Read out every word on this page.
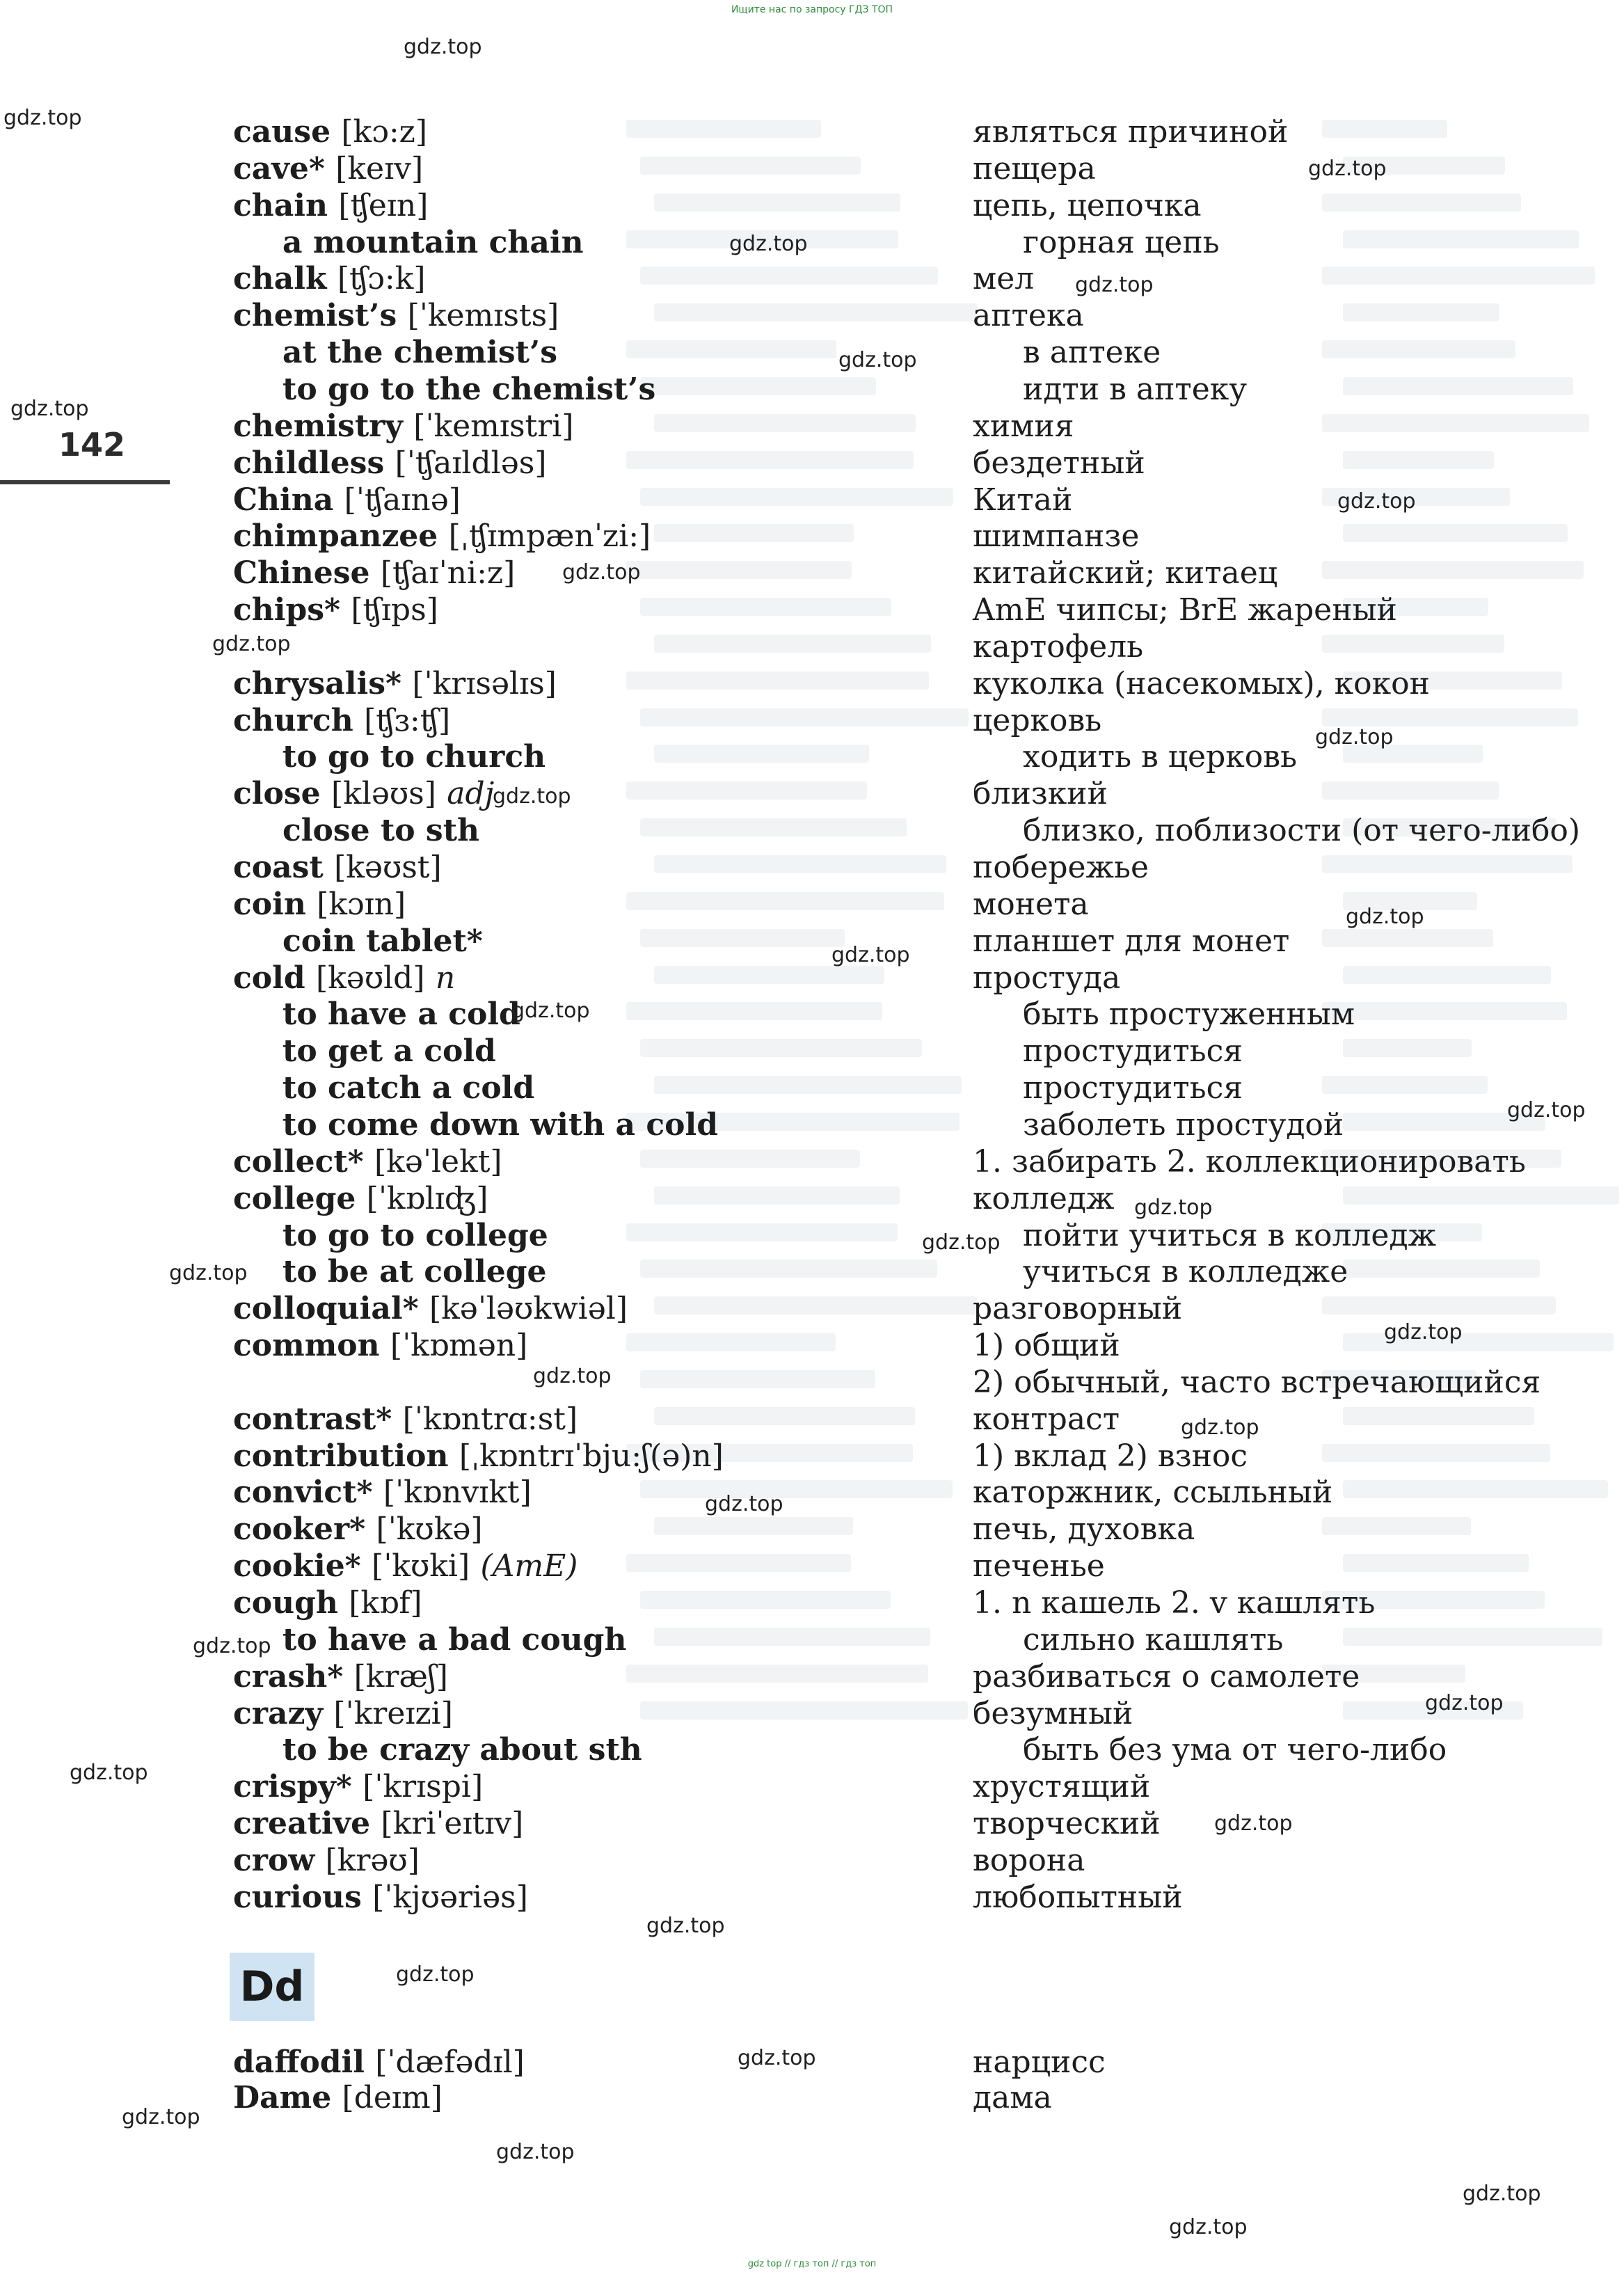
Ищите нас по запросу ГДЗ ТОП
142
cause [kɔ:z]	являться причиной
cave* [keɪv]	пещера
chain [ʧeɪn]	цепь, цепочка
a mountain chain	горная цепь
chalk [ʧɔ:k]	мел
chemist’s [ˈkemɪsts]	аптека
at the chemist’s	в аптеке
to go to the chemist’s	идти в аптеку
chemistry [ˈkemɪstri]	химия
childless [ˈʧaɪldləs]	бездетный
China [ˈʧaɪnə]	Китай
chimpanzee [ˌʧɪmpænˈzi:]	шимпанзе
Chinese [ʧaɪˈni:z]	китайский; китаец
chips* [ʧɪps]	AmE чипсы; BrE жареный
картофель
chrysalis* [ˈkrɪsəlɪs]	куколка (насекомых), кокон
church [ʧɜ:ʧ]	церковь
to go to church	ходить в церковь
close [kləʊs] adj	близкий
close to sth	близко, поблизости (от чего-либо)
coast [kəʊst]	побережье
coin [kɔɪn]	монета
coin tablet*	планшет для монет
cold [kəʊld] n	простуда
to have a cold	быть простуженным
to get a cold	простудиться
to catch a cold	простудиться
to come down with a cold	заболеть простудой
collect* [kəˈlekt]	1. забирать 2. коллекционировать
college [ˈkɒlɪʤ]	колледж
to go to college	пойти учиться в колледж
to be at college	учиться в колледже
colloquial* [kəˈləʊkwiəl]	разговорный
common [ˈkɒmən]	1) общий
2) обычный, часто встречающийся
contrast* [ˈkɒntrɑ:st]	контраст
contribution [ˌkɒntrɪˈbju:ʃ(ə)n]	1) вклад 2) взнос
convict* [ˈkɒnvɪkt]	каторжник, ссыльный
cooker* [ˈkʊkə]	печь, духовка
cookie* [ˈkʊki] (AmE)	печенье
cough [kɒf]	1. n кашель 2. v кашлять
to have a bad cough	сильно кашлять
crash* [kræʃ]	разбиваться о самолете
crazy [ˈkreɪzi]	безумный
to be crazy about sth	быть без ума от чего-либо
crispy* [ˈkrɪspi]	хрустящий
creative [kriˈeɪtɪv]	творческий
crow [krəʊ]	ворона
curious [ˈkjʊəriəs]	любопытный
daffodil [ˈdæfədɪl]	нарцисс
Dame [deɪm]	дама
Dd
gdz.top
gdz.top
gdz.top
gdz.top
gdz.top
gdz.top
gdz.top
gdz.top
gdz.top
gdz.top
gdz.top
gdz.top
gdz.top
gdz.top
gdz.top
gdz.top
gdz.top
gdz.top
gdz.top
gdz.top
gdz.top
gdz.top
gdz.top
gdz.top
gdz.top
gdz.top
gdz.top
gdz.top
gdz.top
gdz.top
gdz.top
gdz.top
gdz.top
gdz.top
gdz top // гдз топ // гдз топ
